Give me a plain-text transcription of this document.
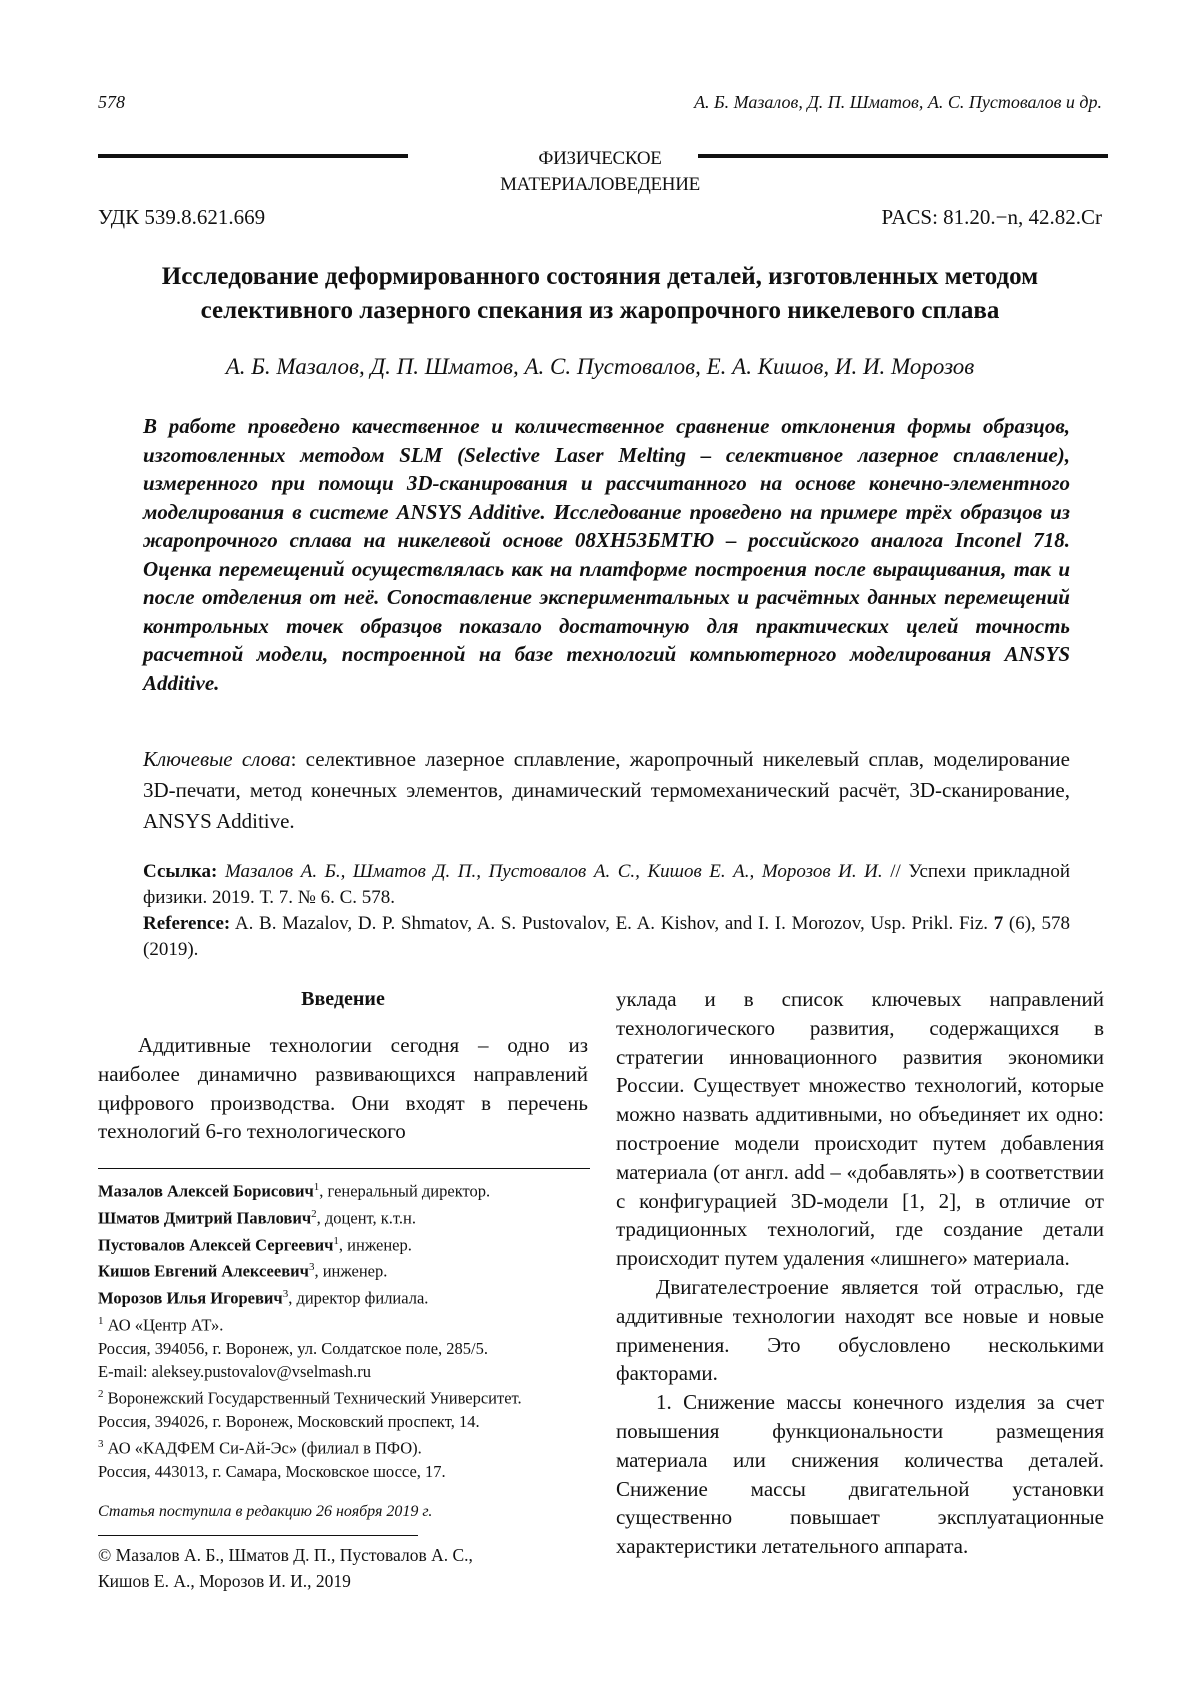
578	А. Б. Мазалов, Д. П. Шматов, А. С. Пустовалов и др.
ФИЗИЧЕСКОЕ
МАТЕРИАЛОВЕДЕНИЕ
УДК 539.8.621.669	PACS: 81.20.−n, 42.82.Cr
Исследование деформированного состояния деталей, изготовленных методом
селективного лазерного спекания из жаропрочного никелевого сплава
А. Б. Мазалов, Д. П. Шматов, А. С. Пустовалов, Е. А. Кишов, И. И. Морозов
В работе проведено качественное и количественное сравнение отклонения формы образцов, изготовленных методом SLM (Selective Laser Melting – селективное лазерное сплавление), измеренного при помощи 3D-сканирования и рассчитанного на основе конечно-элементного моделирования в системе ANSYS Additive. Исследование проведено на примере трёх образцов из жаропрочного сплава на никелевой основе 08ХН53БМТЮ – российского аналога Inconel 718. Оценка перемещений осуществлялась как на платформе построения после выращивания, так и после отделения от неё. Сопоставление экспериментальных и расчётных данных перемещений контрольных точек образцов показало достаточную для практических целей точность расчетной модели, построенной на базе технологий компьютерного моделирования ANSYS Additive.
Ключевые слова: селективное лазерное сплавление, жаропрочный никелевый сплав, моделирование 3D-печати, метод конечных элементов, динамический термомеханический расчёт, 3D-сканирование, ANSYS Additive.
Ссылка: Мазалов А. Б., Шматов Д. П., Пустовалов А. С., Кишов Е. А., Морозов И. И. // Успехи прикладной физики. 2019. Т. 7. № 6. С. 578.
Reference: A. B. Mazalov, D. P. Shmatov, A. S. Pustovalov, E. A. Kishov, and I. I. Morozov, Usp. Prikl. Fiz. 7 (6), 578 (2019).
Введение

Аддитивные технологии сегодня – одно из наиболее динамично развивающихся направлений цифрового производства. Они входят в перечень технологий 6-го технологического

Мазалов Алексей Борисович$^1$, генеральный директор.
Шматов Дмитрий Павлович$^2$, доцент, к.т.н.
Пустовалов Алексей Сергеевич$^1$, инженер.
Кишов Евгений Алексеевич$^3$, инженер.
Морозов Илья Игоревич$^3$, директор филиала.
$^1$ АО «Центр АТ».
Россия, 394056, г. Воронеж, ул. Солдатское поле, 285/5.
E-mail: aleksey.pustovalov@vselmash.ru
$^2$ Воронежский Государственный Технический Университет.
Россия, 394026, г. Воронеж, Московский проспект, 14.
$^3$ АО «КАДФЕМ Си-Ай-Эс» (филиал в ПФО).
Россия, 443013, г. Самара, Московское шоссе, 17.
Статья поступила в редакцию 26 ноября 2019 г.
© Мазалов А. Б., Шматов Д. П., Пустовалов А. С.,
Кишов Е. А., Морозов И. И., 2019

уклада и в список ключевых направлений технологического развития, содержащихся в стратегии инновационного развития экономики России. Существует множество технологий, которые можно назвать аддитивными, но объединяет их одно: построение модели происходит путем добавления материала (от англ. add – «добавлять») в соответствии с конфигурацией 3D-модели [1, 2], в отличие от традиционных технологий, где создание детали происходит путем удаления «лишнего» материала.

Двигателестроение является той отраслью, где аддитивные технологии находят все новые и новые применения. Это обусловлено несколькими факторами.

1. Снижение массы конечного изделия за счет повышения функциональности размещения материала или снижения количества деталей. Снижение массы двигательной установки существенно повышает эксплуатационные характеристики летательного аппарата.
